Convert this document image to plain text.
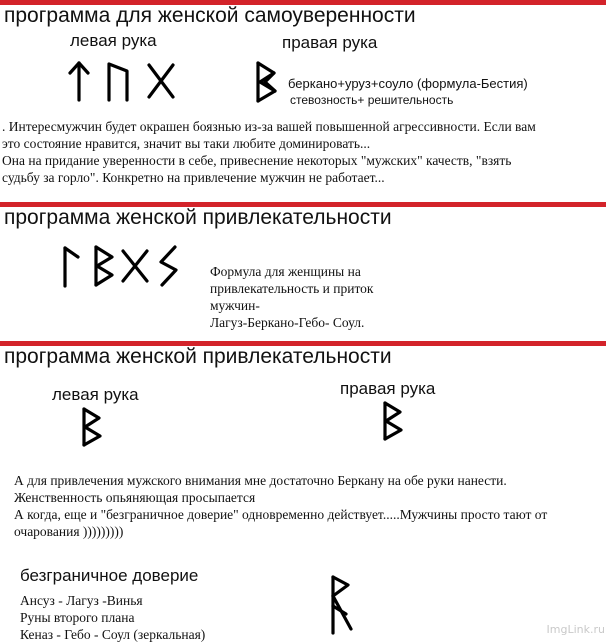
программа для женской самоуверенности
левая рука	правая рука
беркано+уруз+соуло (формула-Бестия)
стевозность+ решительность
. Интересмужчин будет окрашен боязнью из-за вашей повышенной агрессивности. Если вам
это состояние нравится, значит вы таки любите доминировать...
Она на придание уверенности в себе, привеснение некоторых "мужских" качеств, "взять
судьбу за горло". Конкретно на привлечение мужчин не работает...
программа женской привлекательности
Формула для женщины на
привлекательность и приток
мужчин-
Лагуз-Беркано-Гебо- Соул.
программа женской привлекательности
левая рука	правая рука
А для привлечения мужского внимания мне достаточно Беркану на обе руки нанести.
Женственность опьяняющая просыпается
А когда, еще и "безграничное доверие" одновременно действует.....Мужчины просто тают от
очарования )))))))))
безграничное доверие
Ансуз - Лагуз -Винья
Руны второго плана
Кеназ - Гебо - Соул (зеркальная)	ImgLink.ru
